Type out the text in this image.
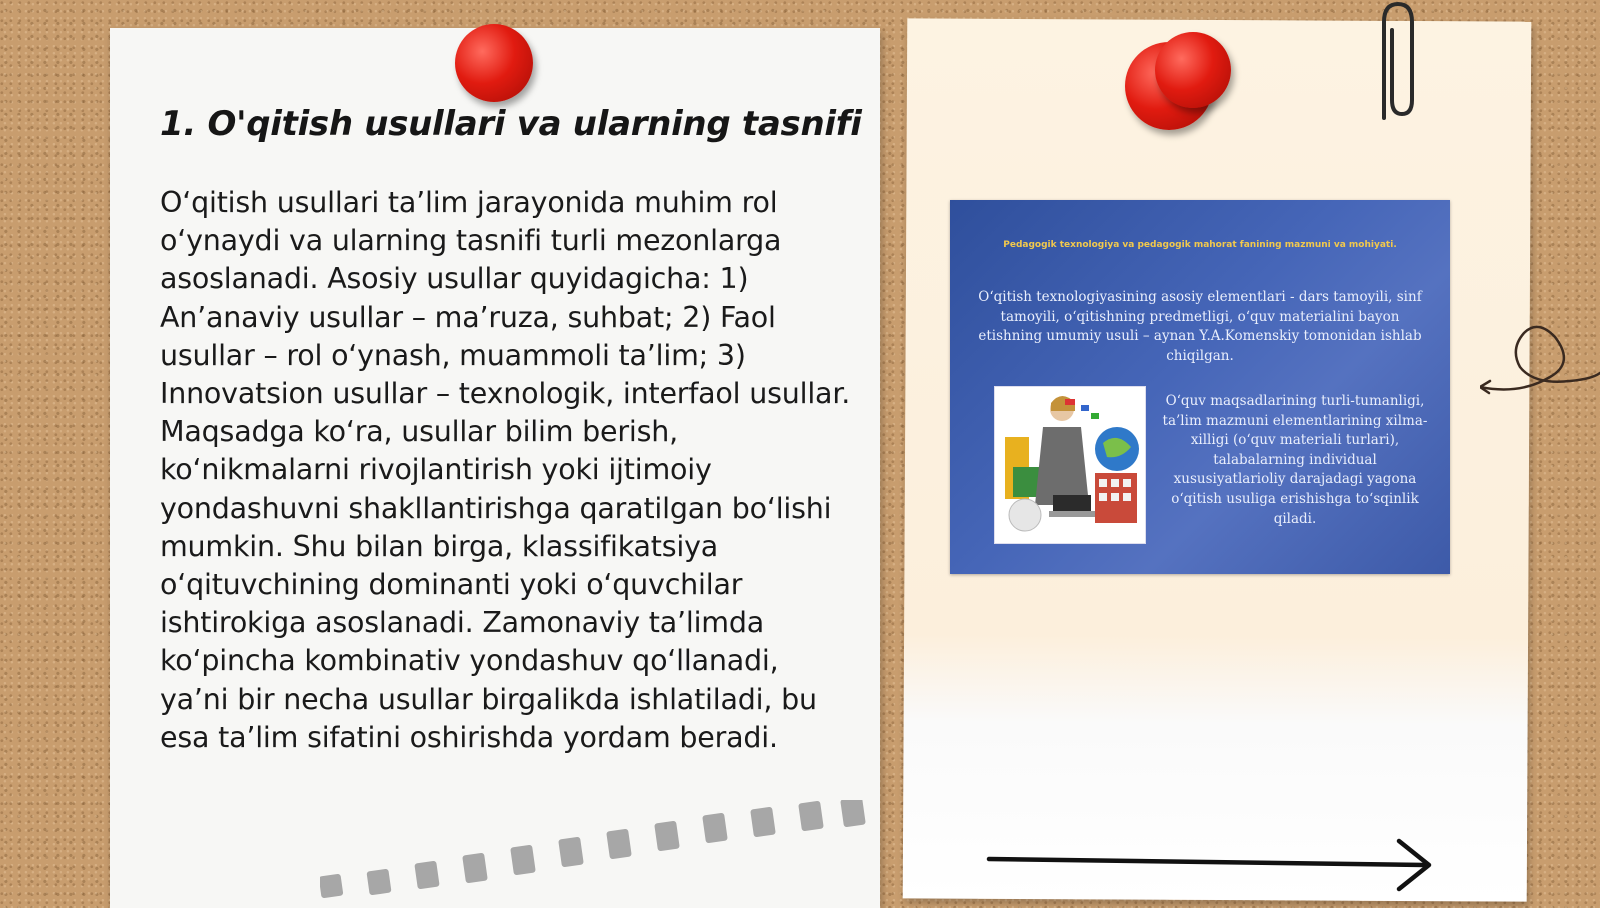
1. O'qitish usullari va ularning tasnifi

O‘qitish usullari ta’lim jarayonida muhim rol o‘ynaydi va ularning tasnifi turli mezonlarga asoslanadi. Asosiy usullar quyidagicha: 1) An’anaviy usullar – ma’ruza, suhbat; 2) Faol usullar – rol o‘ynash, muammoli ta’lim; 3) Innovatsion usullar – texnologik, interfaol usullar. Maqsadga ko‘ra, usullar bilim berish, ko‘nikmalarni rivojlantirish yoki ijtimoiy yondashuvni shakllantirishga qaratilgan bo‘lishi mumkin. Shu bilan birga, klassifikatsiya o‘qituvchining dominanti yoki o‘quvchilar ishtirokiga asoslanadi. Zamonaviy ta’limda ko‘pincha kombinativ yondashuv qo‘llanadi, ya’ni bir necha usullar birgalikda ishlatiladi, bu esa ta’lim sifatini oshirishda yordam beradi.

Pedagogik texnologiya va pedagogik mahorat fanining mazmuni va mohiyati.
O‘qitish texnologiyasining asosiy elementlari - dars tamoyili, sinf tamoyili, o‘qitishning predmetligi, o‘quv materialini bayon etishning umumiy usuli – aynan Y.A.Komenskiy tomonidan ishlab chiqilgan.
O‘quv maqsadlarining turli-tumanligi, ta’lim mazmuni elementlarining xilma-xilligi (o‘quv materiali turlari), talabalarning individual xususiyatlarioliy darajadagi yagona o‘qitish usuliga erishishga to‘sqinlik qiladi.
